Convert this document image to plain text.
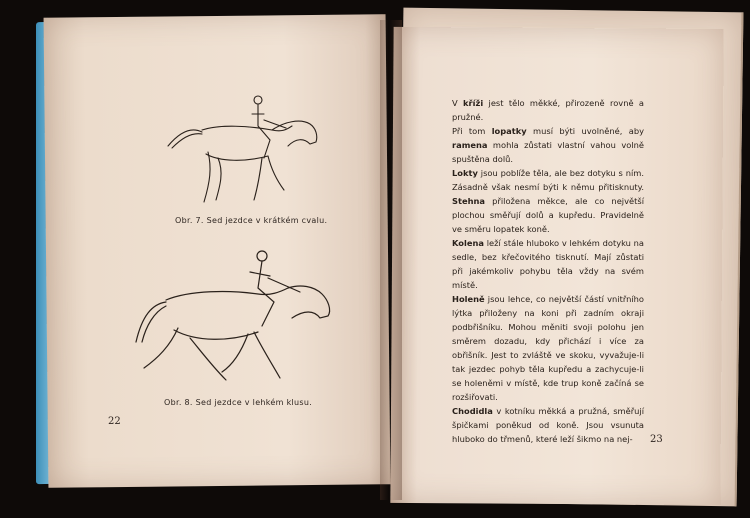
Obr. 7. Sed jezdce v krátkém cvalu.
Obr. 8. Sed jezdce v lehkém klusu.
22

V kříži jest tělo měkké, přirozeně rovně a pružné.

Při tom lopatky musí býti uvolněné, aby ramena mohla zůstati vlastní vahou volně spuštěna dolů.

Lokty jsou poblíže těla, ale bez dotyku s ním. Zásadně však nesmí býti k němu přitisknuty. Stehna přiložena měkce, ale co největší plochou směřují dolů a kupředu. Pravidelně ve směru lopatek koně.

Kolena leží stále hluboko v lehkém dotyku na sedle, bez křečovitého tisknutí. Mají zůstati při jakémkoliv pohybu těla vždy na svém místě.

Holeně jsou lehce, co největší částí vnitřního lýtka přiloženy na koni při zadním okraji podbřišníku. Mohou měniti svoji polohu jen směrem dozadu, kdy přichází i více za obřišník. Jest to zvláště ve skoku, vyvažuje-li tak jezdec pohyb těla kupředu a zachycuje-li se holeněmi v místě, kde trup koně začíná se rozšiřovati.

Chodidla v kotníku měkká a pružná, směřují špičkami poněkud od koně. Jsou vsunuta hluboko do třmenů, které leží šikmo na nej-	23
